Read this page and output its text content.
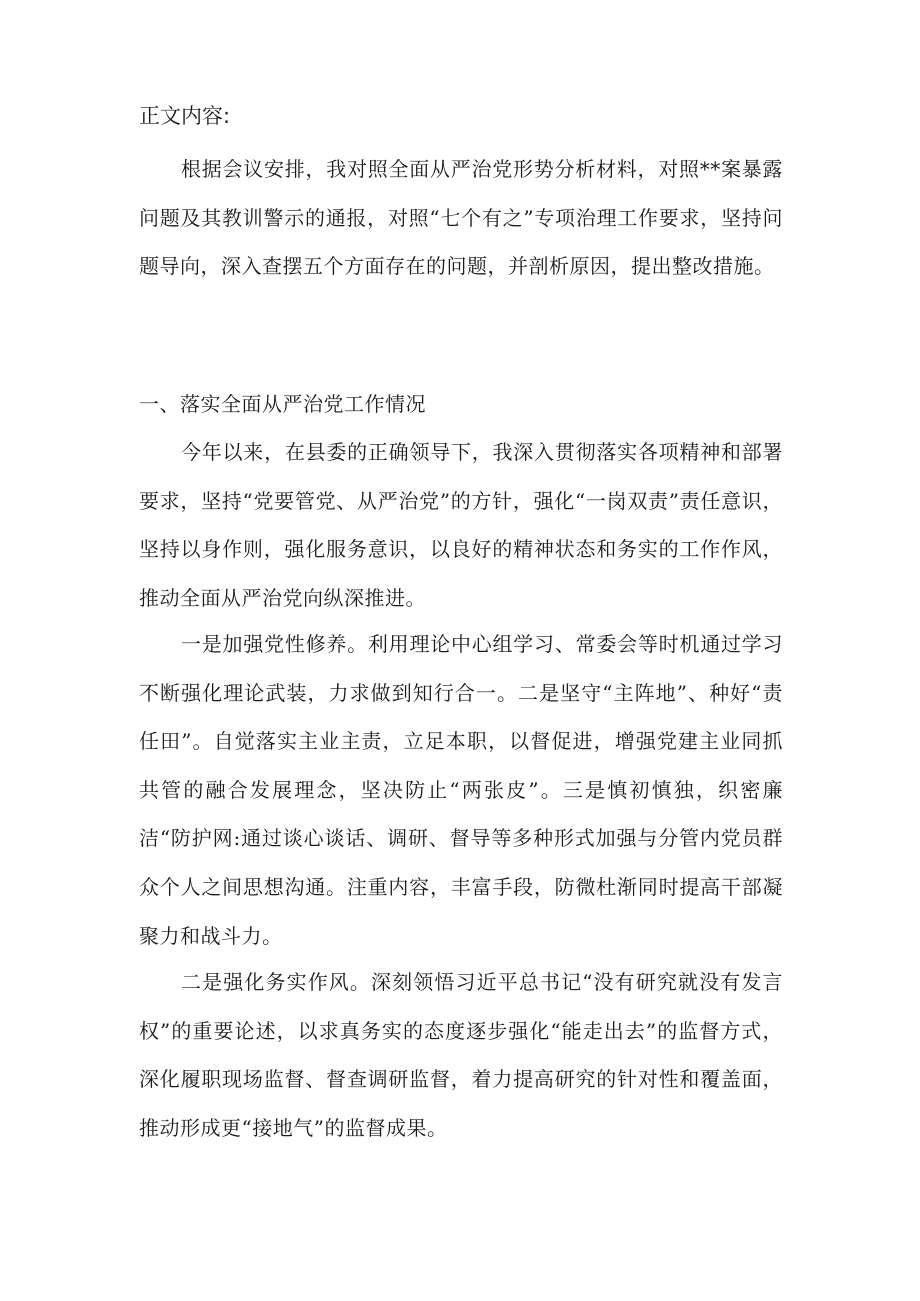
正文内容:

根据会议安排，我对照全面从严治党形势分析材料，对照**案暴露问题及其教训警示的通报，对照“七个有之”专项治理工作要求，坚持问题导向，深入查摆五个方面存在的问题，并剖析原因，提出整改措施。

一、落实全面从严治党工作情况

今年以来，在县委的正确领导下，我深入贯彻落实各项精神和部署要求，坚持“党要管党、从严治党”的方针，强化“一岗双责”责任意识，坚持以身作则，强化服务意识，以良好的精神状态和务实的工作作风，推动全面从严治党向纵深推进。

一是加强党性修养。利用理论中心组学习、常委会等时机通过学习不断强化理论武装，力求做到知行合一。二是坚守“主阵地”、种好“责任田”。自觉落实主业主责，立足本职，以督促进，增强党建主业同抓共管的融合发展理念，坚决防止“两张皮”。三是慎初慎独，织密廉洁“防护网:通过谈心谈话、调研、督导等多种形式加强与分管内党员群众个人之间思想沟通。注重内容，丰富手段，防微杜渐同时提高干部凝聚力和战斗力。

二是强化务实作风。深刻领悟习近平总书记“没有研究就没有发言权”的重要论述，以求真务实的态度逐步强化“能走出去”的监督方式，深化履职现场监督、督查调研监督，着力提高研究的针对性和覆盖面，推动形成更“接地气”的监督成果。
